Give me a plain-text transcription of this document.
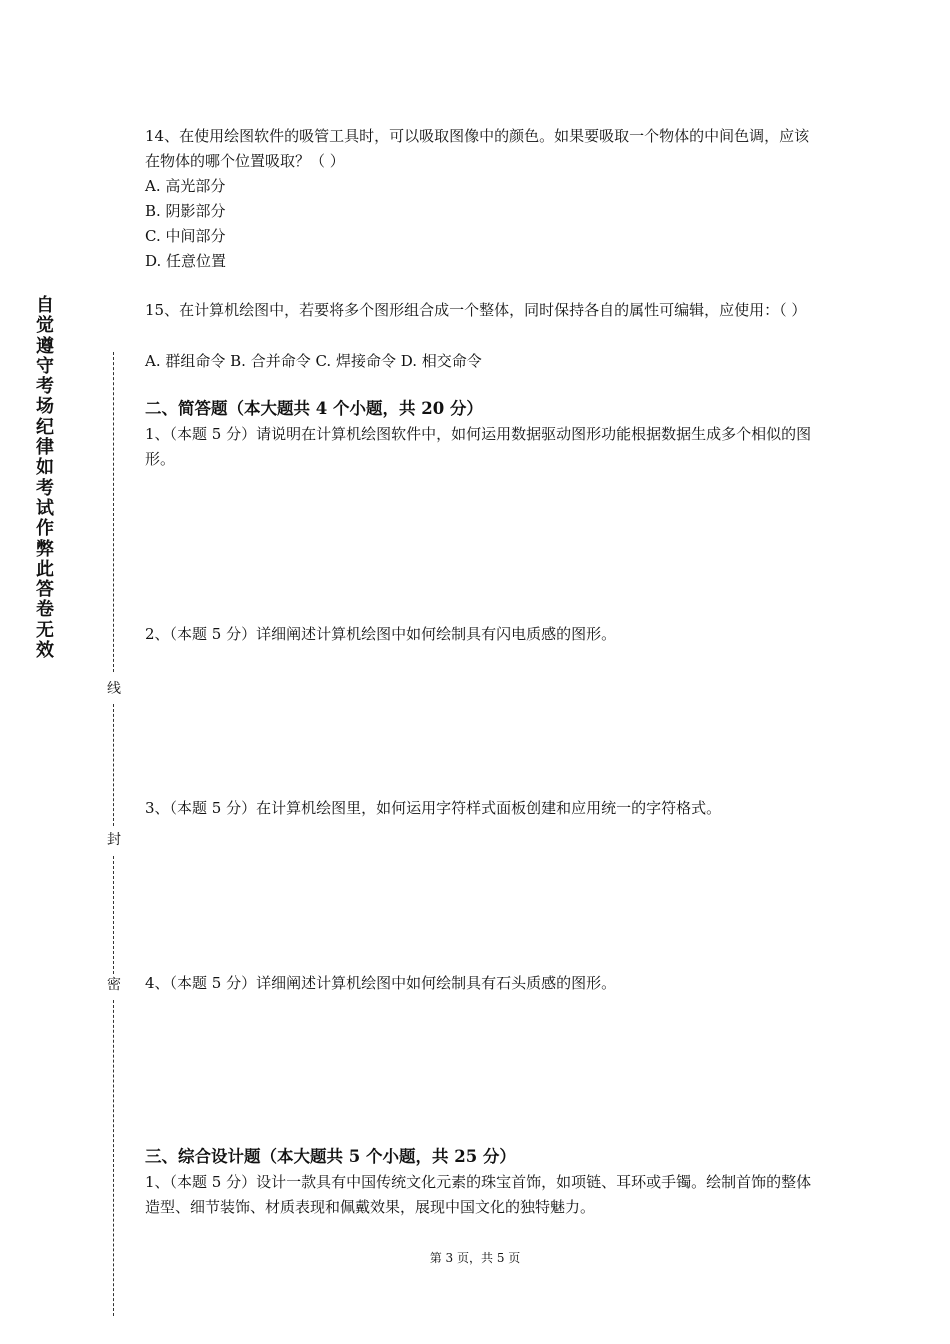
自觉遵守考场纪律如考试作弊此答卷无效
线
封
密
14、在使用绘图软件的吸管工具时，可以吸取图像中的颜色。如果要吸取一个物体的中间色调，应该在物体的哪个位置吸取？（ ）
A. 高光部分
B. 阴影部分
C. 中间部分
D. 任意位置
15、在计算机绘图中，若要将多个图形组合成一个整体，同时保持各自的属性可编辑，应使用：（ ）
A. 群组命令 B. 合并命令 C. 焊接命令 D. 相交命令
二、简答题（本大题共 4 个小题，共 20 分）
1、（本题 5 分）请说明在计算机绘图软件中，如何运用数据驱动图形功能根据数据生成多个相似的图形。
2、（本题 5 分）详细阐述计算机绘图中如何绘制具有闪电质感的图形。
3、（本题 5 分）在计算机绘图里，如何运用字符样式面板创建和应用统一的字符格式。
4、（本题 5 分）详细阐述计算机绘图中如何绘制具有石头质感的图形。
三、综合设计题（本大题共 5 个小题，共 25 分）
1、（本题 5 分）设计一款具有中国传统文化元素的珠宝首饰，如项链、耳环或手镯。绘制首饰的整体造型、细节装饰、材质表现和佩戴效果，展现中国文化的独特魅力。
第 3 页，共 5 页
